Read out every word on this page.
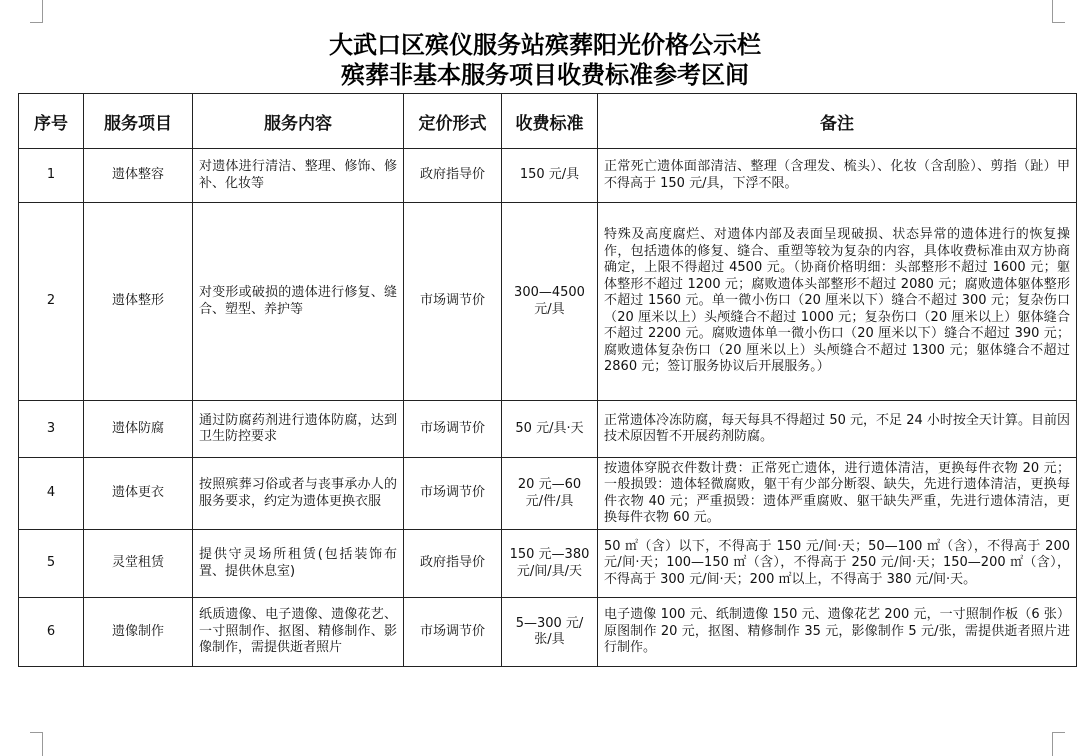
大武口区殡仪服务站殡葬阳光价格公示栏
殡葬非基本服务项目收费标准参考区间
序号	服务项目	服务内容	定价形式	收费标准	备注
1	遗体整容	对遗体进行清洁、整理、修饰、修补、化妆等	政府指导价	150 元/具	正常死亡遗体面部清洁、整理（含理发、梳头）、化妆（含刮脸）、剪指（趾）甲不得高于 150 元/具，下浮不限。
2	遗体整形	对变形或破损的遗体进行修复、缝合、塑型、养护等	市场调节价	300—4500 元/具	特殊及高度腐烂、对遗体内部及表面呈现破损、状态异常的遗体进行的恢复操作，包括遗体的修复、缝合、重塑等较为复杂的内容，具体收费标准由双方协商确定，上限不得超过 4500 元。（协商价格明细：头部整形不超过 1600 元；躯体整形不超过 1200 元；腐败遗体头部整形不超过 2080 元；腐败遗体躯体整形不超过 1560 元。单一微小伤口（20 厘米以下）缝合不超过 300 元；复杂伤口（20 厘米以上）头颅缝合不超过 1000 元；复杂伤口（20 厘米以上）躯体缝合不超过 2200 元。腐败遗体单一微小伤口（20 厘米以下）缝合不超过 390 元；腐败遗体复杂伤口（20 厘米以上）头颅缝合不超过 1300 元；躯体缝合不超过 2860 元；签订服务协议后开展服务。）
3	遗体防腐	通过防腐药剂进行遗体防腐，达到卫生防控要求	市场调节价	50 元/具·天	正常遗体冷冻防腐，每天每具不得超过 50 元，不足 24 小时按全天计算。目前因技术原因暂不开展药剂防腐。
4	遗体更衣	按照殡葬习俗或者与丧事承办人的服务要求，约定为遗体更换衣服	市场调节价	20 元—60 元/件/具	按遗体穿脱衣件数计费：正常死亡遗体，进行遗体清洁，更换每件衣物 20 元；一般损毁：遗体轻微腐败，躯干有少部分断裂、缺失，先进行遗体清洁，更换每件衣物 40 元；严重损毁：遗体严重腐败、躯干缺失严重，先进行遗体清洁，更换每件衣物 60 元。
5	灵堂租赁	提供守灵场所租赁(包括装饰布置、提供休息室)	政府指导价	150 元—380 元/间/具/天	50 ㎡（含）以下，不得高于 150 元/间·天；50—100 ㎡（含），不得高于 200 元/间·天；100—150 ㎡（含），不得高于 250 元/间·天；150—200 ㎡（含），不得高于 300 元/间·天；200 ㎡以上，不得高于 380 元/间·天。
6	遗像制作	纸质遗像、电子遗像、遗像花艺、一寸照制作、抠图、精修制作、影像制作，需提供逝者照片	市场调节价	5—300 元/张/具	电子遗像 100 元、纸制遗像 150 元、遗像花艺 200 元，一寸照制作板（6 张）原图制作 20 元，抠图、精修制作 35 元，影像制作 5 元/张，需提供逝者照片进行制作。
